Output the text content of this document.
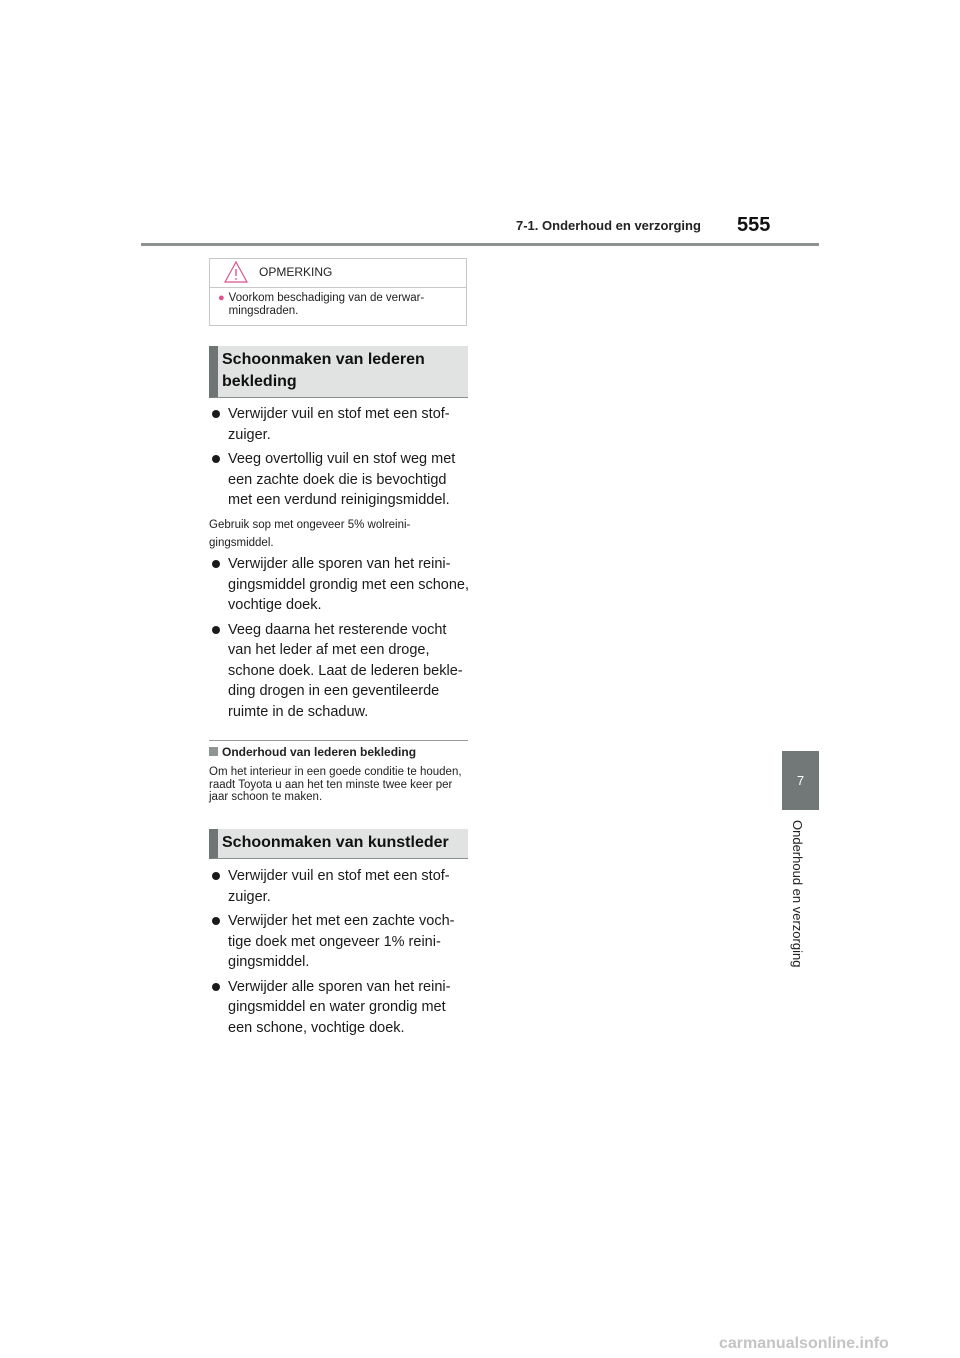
7-1. Onderhoud en verzorging 555
7
Onderhoud en verzorging
OPMERKING
● Voorkom beschadiging van de verwar-mingsdraden.
Schoonmaken van lederen bekleding
Verwijder vuil en stof met een stof-zuiger.
Veeg overtollig vuil en stof weg met een zachte doek die is bevochtigd met een verdund reinigingsmiddel.
Gebruik sop met ongeveer 5% wolreini-gingsmiddel.
Verwijder alle sporen van het reini-gingsmiddel grondig met een schone, vochtige doek.
Veeg daarna het resterende vocht van het leder af met een droge, schone doek. Laat de lederen bekle-ding drogen in een geventileerde ruimte in de schaduw.
Onderhoud van lederen bekleding
Om het interieur in een goede conditie te houden, raadt Toyota u aan het ten minste twee keer per jaar schoon te maken.
Schoonmaken van kunstleder
Verwijder vuil en stof met een stof-zuiger.
Verwijder het met een zachte voch-tige doek met ongeveer 1% reini-gingsmiddel.
Verwijder alle sporen van het reini-gingsmiddel en water grondig met een schone, vochtige doek.
carmanualsonline.info
